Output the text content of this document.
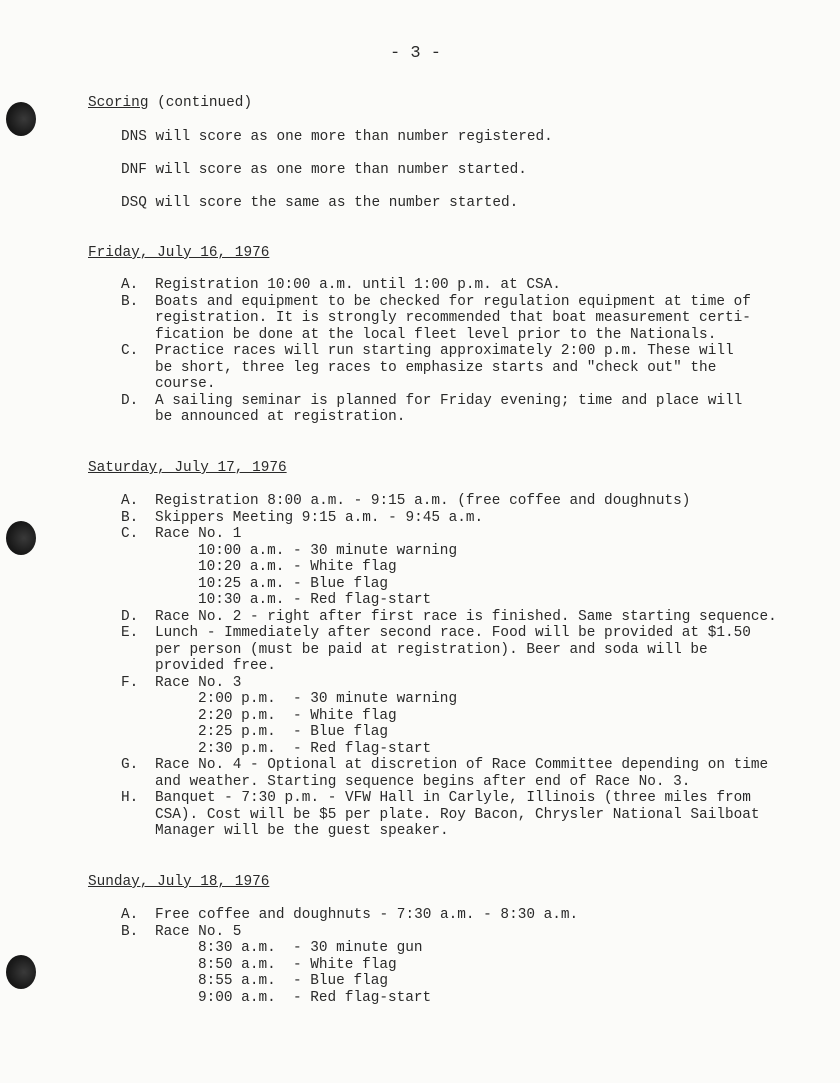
- 3 -

Scoring (continued)

DNS will score as one more than number registered.

DNF will score as one more than number started.

DSQ will score the same as the number started.

Friday, July 16, 1976

A.	Registration 10:00 a.m. until 1:00 p.m. at CSA.
B.	Boats and equipment to be checked for regulation equipment at time of
registration. It is strongly recommended that boat measurement certi-
fication be done at the local fleet level prior to the Nationals.
C.	Practice races will run starting approximately 2:00 p.m. These will
be short, three leg races to emphasize starts and "check out" the
course.
D.	A sailing seminar is planned for Friday evening; time and place will
be announced at registration.

Saturday, July 17, 1976

A.	Registration 8:00 a.m. - 9:15 a.m. (free coffee and doughnuts)
B.	Skippers Meeting 9:15 a.m. - 9:45 a.m.
C.	Race No. 1
10:00 a.m. - 30 minute warning
10:20 a.m. - White flag
10:25 a.m. - Blue flag
10:30 a.m. - Red flag-start
D.	Race No. 2 - right after first race is finished. Same starting sequence.
E.	Lunch - Immediately after second race. Food will be provided at $1.50
per person (must be paid at registration). Beer and soda will be
provided free.
F.	Race No. 3
2:00 p.m.  - 30 minute warning
2:20 p.m.  - White flag
2:25 p.m.  - Blue flag
2:30 p.m.  - Red flag-start
G.	Race No. 4 - Optional at discretion of Race Committee depending on time
and weather. Starting sequence begins after end of Race No. 3.
H.	Banquet - 7:30 p.m. - VFW Hall in Carlyle, Illinois (three miles from
CSA). Cost will be $5 per plate. Roy Bacon, Chrysler National Sailboat
Manager will be the guest speaker.

Sunday, July 18, 1976

A.	Free coffee and doughnuts - 7:30 a.m. - 8:30 a.m.
B.	Race No. 5
8:30 a.m.  - 30 minute gun
8:50 a.m.  - White flag
8:55 a.m.  - Blue flag
9:00 a.m.  - Red flag-start
